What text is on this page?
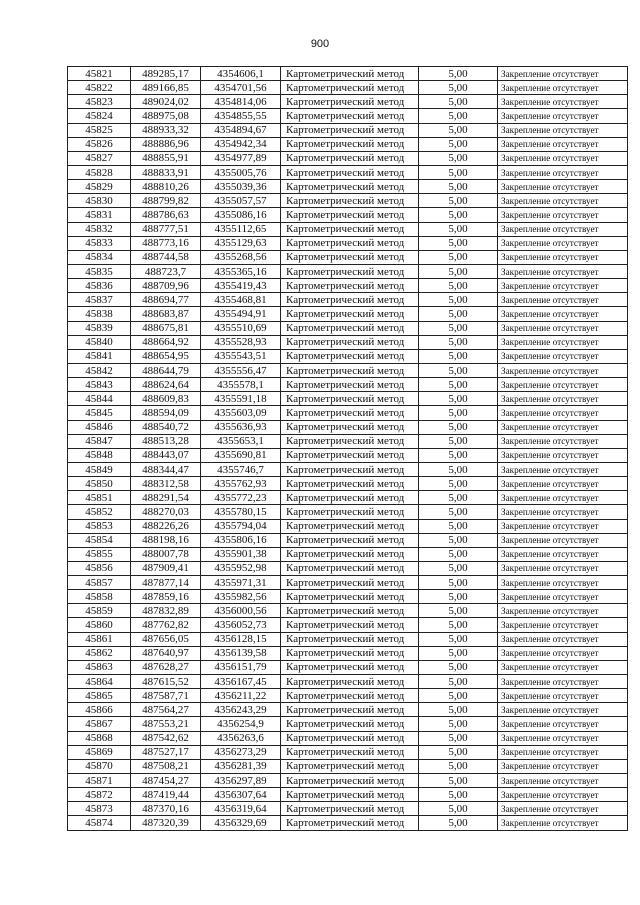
900
45821	489285,17	4354606,1	Картометрический метод	5,00	Закрепление отсутствует
45822	489166,85	4354701,56	Картометрический метод	5,00	Закрепление отсутствует
45823	489024,02	4354814,06	Картометрический метод	5,00	Закрепление отсутствует
45824	488975,08	4354855,55	Картометрический метод	5,00	Закрепление отсутствует
45825	488933,32	4354894,67	Картометрический метод	5,00	Закрепление отсутствует
45826	488886,96	4354942,34	Картометрический метод	5,00	Закрепление отсутствует
45827	488855,91	4354977,89	Картометрический метод	5,00	Закрепление отсутствует
45828	488833,91	4355005,76	Картометрический метод	5,00	Закрепление отсутствует
45829	488810,26	4355039,36	Картометрический метод	5,00	Закрепление отсутствует
45830	488799,82	4355057,57	Картометрический метод	5,00	Закрепление отсутствует
45831	488786,63	4355086,16	Картометрический метод	5,00	Закрепление отсутствует
45832	488777,51	4355112,65	Картометрический метод	5,00	Закрепление отсутствует
45833	488773,16	4355129,63	Картометрический метод	5,00	Закрепление отсутствует
45834	488744,58	4355268,56	Картометрический метод	5,00	Закрепление отсутствует
45835	488723,7	4355365,16	Картометрический метод	5,00	Закрепление отсутствует
45836	488709,96	4355419,43	Картометрический метод	5,00	Закрепление отсутствует
45837	488694,77	4355468,81	Картометрический метод	5,00	Закрепление отсутствует
45838	488683,87	4355494,91	Картометрический метод	5,00	Закрепление отсутствует
45839	488675,81	4355510,69	Картометрический метод	5,00	Закрепление отсутствует
45840	488664,92	4355528,93	Картометрический метод	5,00	Закрепление отсутствует
45841	488654,95	4355543,51	Картометрический метод	5,00	Закрепление отсутствует
45842	488644,79	4355556,47	Картометрический метод	5,00	Закрепление отсутствует
45843	488624,64	4355578,1	Картометрический метод	5,00	Закрепление отсутствует
45844	488609,83	4355591,18	Картометрический метод	5,00	Закрепление отсутствует
45845	488594,09	4355603,09	Картометрический метод	5,00	Закрепление отсутствует
45846	488540,72	4355636,93	Картометрический метод	5,00	Закрепление отсутствует
45847	488513,28	4355653,1	Картометрический метод	5,00	Закрепление отсутствует
45848	488443,07	4355690,81	Картометрический метод	5,00	Закрепление отсутствует
45849	488344,47	4355746,7	Картометрический метод	5,00	Закрепление отсутствует
45850	488312,58	4355762,93	Картометрический метод	5,00	Закрепление отсутствует
45851	488291,54	4355772,23	Картометрический метод	5,00	Закрепление отсутствует
45852	488270,03	4355780,15	Картометрический метод	5,00	Закрепление отсутствует
45853	488226,26	4355794,04	Картометрический метод	5,00	Закрепление отсутствует
45854	488198,16	4355806,16	Картометрический метод	5,00	Закрепление отсутствует
45855	488007,78	4355901,38	Картометрический метод	5,00	Закрепление отсутствует
45856	487909,41	4355952,98	Картометрический метод	5,00	Закрепление отсутствует
45857	487877,14	4355971,31	Картометрический метод	5,00	Закрепление отсутствует
45858	487859,16	4355982,56	Картометрический метод	5,00	Закрепление отсутствует
45859	487832,89	4356000,56	Картометрический метод	5,00	Закрепление отсутствует
45860	487762,82	4356052,73	Картометрический метод	5,00	Закрепление отсутствует
45861	487656,05	4356128,15	Картометрический метод	5,00	Закрепление отсутствует
45862	487640,97	4356139,58	Картометрический метод	5,00	Закрепление отсутствует
45863	487628,27	4356151,79	Картометрический метод	5,00	Закрепление отсутствует
45864	487615,52	4356167,45	Картометрический метод	5,00	Закрепление отсутствует
45865	487587,71	4356211,22	Картометрический метод	5,00	Закрепление отсутствует
45866	487564,27	4356243,29	Картометрический метод	5,00	Закрепление отсутствует
45867	487553,21	4356254,9	Картометрический метод	5,00	Закрепление отсутствует
45868	487542,62	4356263,6	Картометрический метод	5,00	Закрепление отсутствует
45869	487527,17	4356273,29	Картометрический метод	5,00	Закрепление отсутствует
45870	487508,21	4356281,39	Картометрический метод	5,00	Закрепление отсутствует
45871	487454,27	4356297,89	Картометрический метод	5,00	Закрепление отсутствует
45872	487419,44	4356307,64	Картометрический метод	5,00	Закрепление отсутствует
45873	487370,16	4356319,64	Картометрический метод	5,00	Закрепление отсутствует
45874	487320,39	4356329,69	Картометрический метод	5,00	Закрепление отсутствует
